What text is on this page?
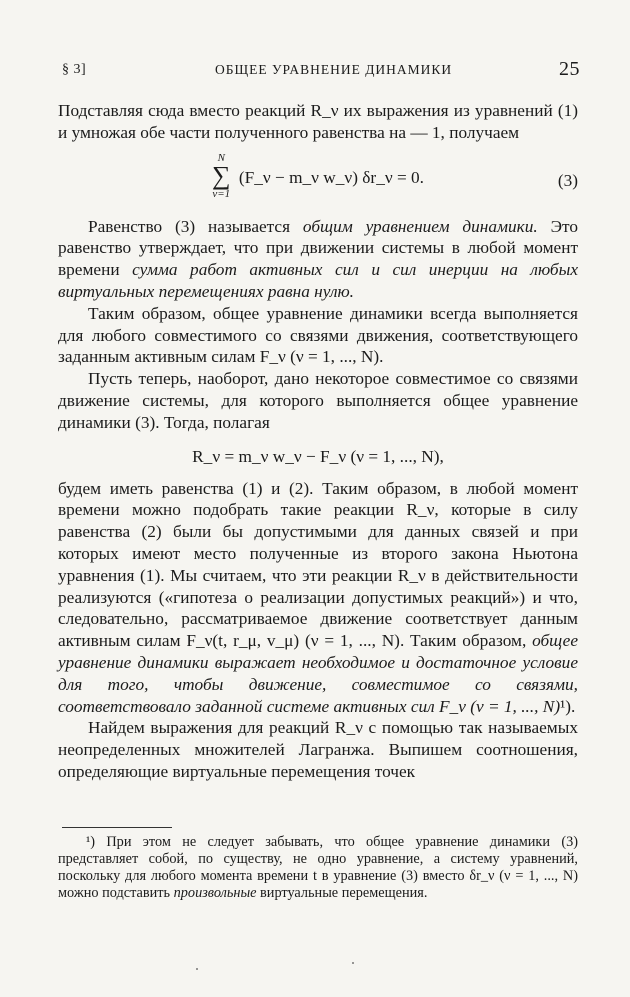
§ 3]	ОБЩЕЕ УРАВНЕНИЕ ДИНАМИКИ	25

Подставляя сюда вместо реакций R_ν их выражения из уравнений (1) и умножая обе части полученного равенства на — 1, получаем

N
∑
ν=1
(F_ν − m_ν w_ν) δr_ν = 0.	(3)

Равенство (3) называется общим уравнением динамики. Это равенство утверждает, что при движении системы в любой момент времени сумма работ активных сил и сил инерции на любых виртуальных перемещениях равна нулю.

Таким образом, общее уравнение динамики всегда выполняется для любого совместимого со связями движения, соответствующего заданным активным силам F_ν (ν = 1, ..., N).

Пусть теперь, наоборот, дано некоторое совместимое со связями движение системы, для которого выполняется общее уравнение динамики (3). Тогда, полагая

R_ν = m_ν w_ν − F_ν (ν = 1, ..., N),

будем иметь равенства (1) и (2). Таким образом, в любой момент времени можно подобрать такие реакции R_ν, которые в силу равенства (2) были бы допустимыми для данных связей и при которых имеют место полученные из второго закона Ньютона уравнения (1). Мы считаем, что эти реакции R_ν в действительности реализуются («гипотеза о реализации допустимых реакций») и что, следовательно, рассматриваемое движение соответствует данным активным силам F_ν(t, r_μ, v_μ) (ν = 1, ..., N). Таким образом, общее уравнение динамики выражает необходимое и достаточное условие для того, чтобы движение, совместимое со связями, соответствовало заданной системе активных сил F_ν (ν = 1, ..., N)¹).

Найдем выражения для реакций R_ν с помощью так называемых неопределенных множителей Лагранжа. Выпишем соотношения, определяющие виртуальные перемещения точек

¹) При этом не следует забывать, что общее уравнение динамики (3) представляет собой, по существу, не одно уравнение, а систему уравнений, поскольку для любого момента времени t в уравнение (3) вместо δr_ν (ν = 1, ..., N) можно подставить произвольные виртуальные перемещения.
